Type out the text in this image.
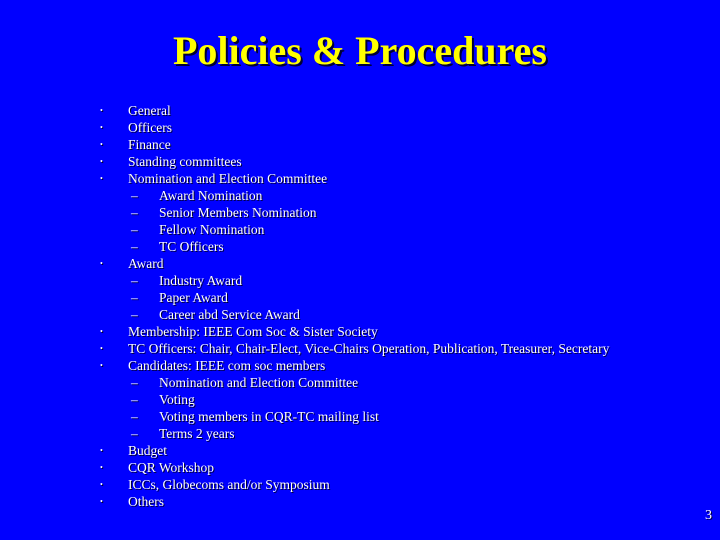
Policies & Procedures
• General
• Officers
• Finance
• Standing committees
• Nomination and Election Committee
– Award Nomination
– Senior Members Nomination
– Fellow Nomination
– TC Officers
• Award
– Industry Award
– Paper Award
– Career abd Service Award
• Membership: IEEE Com Soc & Sister Society
• TC Officers: Chair, Chair-Elect, Vice-Chairs Operation, Publication, Treasurer, Secretary
• Candidates: IEEE com soc members
– Nomination and Election Committee
– Voting
– Voting members in CQR-TC mailing list
– Terms 2 years
• Budget
• CQR Workshop
• ICCs, Globecoms and/or Symposium
• Others
3
